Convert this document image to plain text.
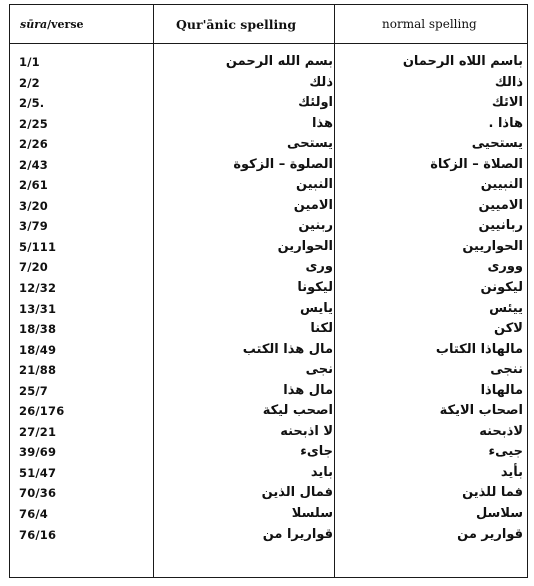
sūra /verse	Qur'ānic spelling	normal spelling
1/1	بسم الله الرحمن	باسم اللاه الرحمان
2/2	ذلك	ذالك
2/5.	اولئك	الائك
2/25	هذا	هاذا .
2/26	يستحى	يستحيى
2/43	الصلوة – الزكوة	الصلاة – الزكاة
2/61	النبين	النبيين
3/20	الامين	الاميين
3/79	ربنين	ربانيين
5/111	الحوارين	الحواريين
7/20	ورى	وورى
12/32	ليكونا	ليكونن
13/31	يايس	ييئس
18/38	لكنا	لاكن
18/49	مال هذا الكتب	مالهاذا الكتاب
21/88	نجى	ننجى
25/7	مال هذا	مالهاذا
26/176	اصحب ليكة	اصحاب الايكة
27/21	لا اذبحنه	لاذبحنه
39/69	جاىء	جيىء
51/47	بايد	بأيد
70/36	فمال الذين	فما للذين
76/4	سلسلا	سلاسل
76/16	قواريرا من	قوارير من
